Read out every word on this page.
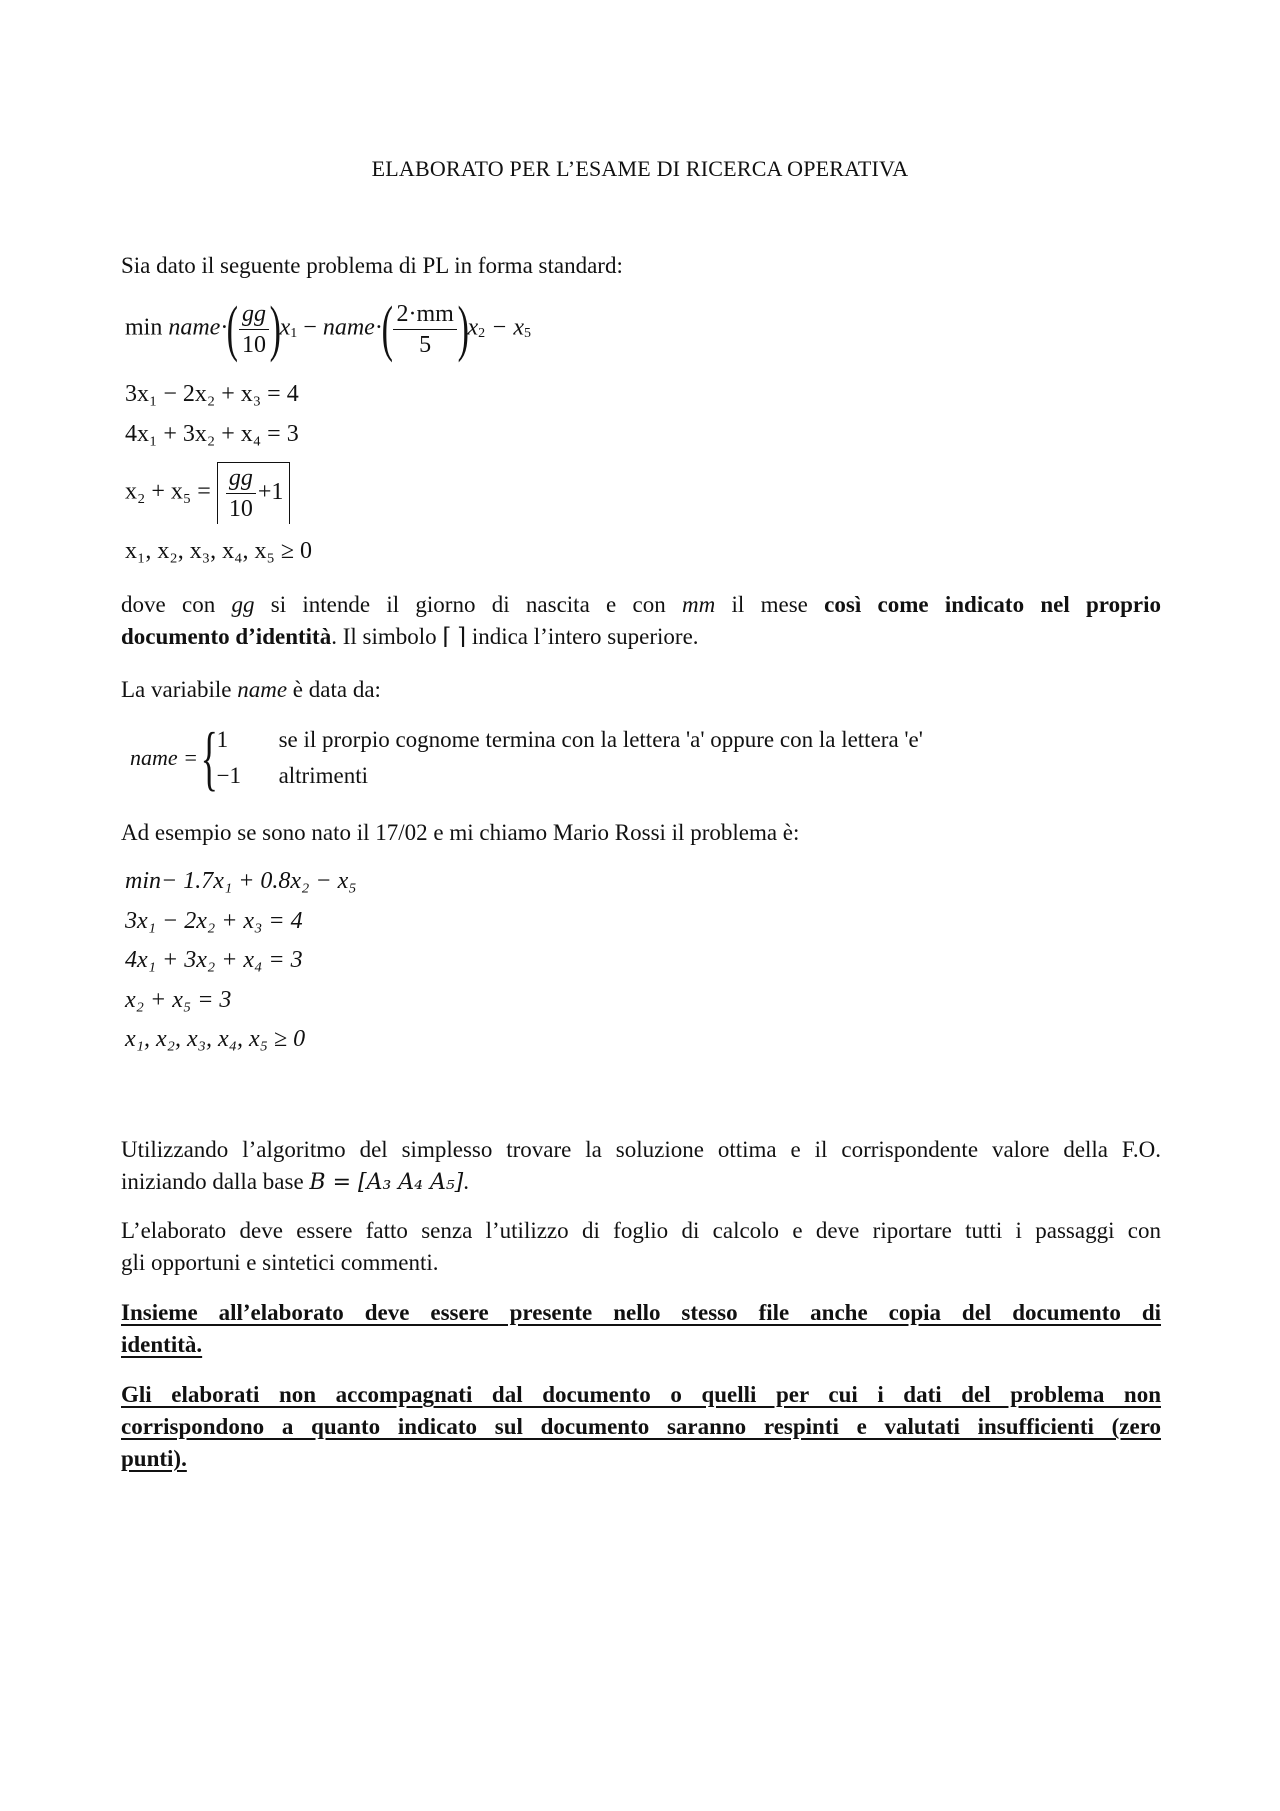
ELABORATO PER L’ESAME DI RICERCA OPERATIVA
Sia dato il seguente problema di PL in forma standard:
min name·( $\frac{gg}{10} )x_1$ − name·( $\frac{2\cdot mm}{5} )x_2 - x_5$
3x₁ − 2x₂ + x₃ = 4
4x₁ + 3x₂ + x₄ = 3
$x_2 + x_5 = \frac{gg}{10} +1$
x₁, x₂, x₃, x₄, x₅ ≥ 0
dove con gg si intende il giorno di nascita e con mm il mese così come indicato nel proprio
documento d’identità. Il simbolo ⌈ ⌉ indica l’intero superiore.
La variabile name è data da:
name = {
1	se il prorpio cognome termina con la lettera 'a' oppure con la lettera 'e'
−1	altrimenti
Ad esempio se sono nato il 17/02 e mi chiamo Mario Rossi il problema è:
min− 1.7x₁ + 0.8x₂ − x₅
3x₁ − 2x₂ + x₃ = 4
4x₁ + 3x₂ + x₄ = 3
x₂ + x₅ = 3
x₁, x₂, x₃, x₄, x₅ ≥ 0
Utilizzando l’algoritmo del simplesso trovare la soluzione ottima e il corrispondente valore della F.O.
iniziando dalla base B = [A₃ A₄ A₅].
L’elaborato deve essere fatto senza l’utilizzo di foglio di calcolo e deve riportare tutti i passaggi con
gli opportuni e sintetici commenti.
Insieme all’elaborato deve essere presente nello stesso file anche copia del documento di
identità.
Gli elaborati non accompagnati dal documento o quelli per cui i dati del problema non
corrispondono a quanto indicato sul documento saranno respinti e valutati insufficienti (zero
punti).
